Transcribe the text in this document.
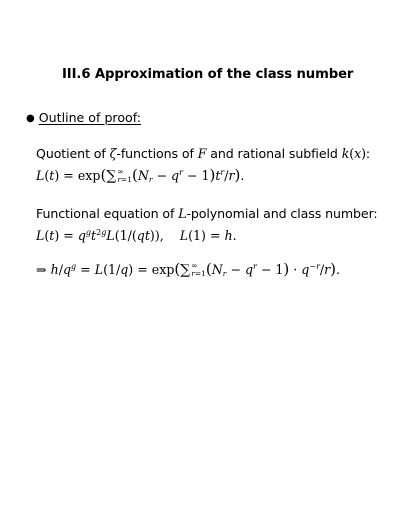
III.6 Approximation of the class number
● Outline of proof:
Quotient of ζ-functions of F and rational subfield k(x):
L(t) = exp( ∑ ∞
r=1 $(N_r - q^r - 1)t^r/r$).
Functional equation of L-polynomial and class number:
$L(t) = q^gt^{2g}L(1/(qt))$,    L(1) = h.
⇒ $h/q^g = L(1/q) = \exp$( ∑ ∞
r=1 $(N_r - q^r - 1) \cdot q^{-r}/r$).
